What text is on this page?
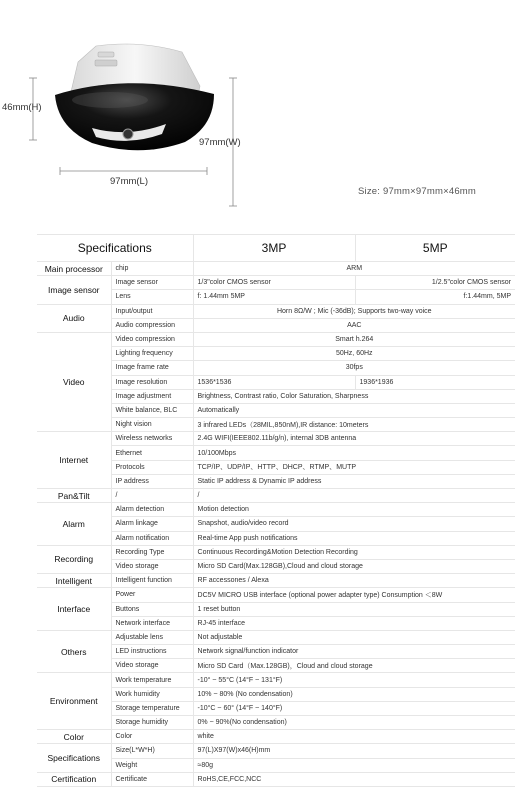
46mm(H)
97mm(W)
97mm(L)
Size: 97mm×97mm×46mm
Specifications		3MP	5MP
Main processor	chip	ARM	
Image sensor	Image sensor	1/3"color CMOS sensor	1/2.5"color CMOS sensor
	Lens	f: 1.44mm 5MP	f:1.44mm, 5MP
Audio	Input/output	Horn 8Ω/W ; Mic (-36dB); Supports two-way voice	
	Audio compression	AAC	
Video	Video compression	Smart h.264	
	Lighting frequency	50Hz, 60Hz	
	Image frame rate	30fps	
	Image resolution	1536*1536	1936*1936
	Image adjustment	Brightness, Contrast ratio, Color Saturation, Sharpness	
	White balance, BLC	Automatically	
	Night vision	3 infrared LEDs（28MIL,850nM),IR distance: 10meters	
Internet	Wireless networks	2.4G WIFI(IEEE802.11b/g/n), internal 3DB antenna	
	Ethernet	10/100Mbps	
	Protocols	TCP/IP、UDP/IP、HTTP、DHCP、RTMP、MUTP	
	IP address	Static IP address & Dynamic IP address	
Pan&Tilt	/	/	
Alarm	Alarm detection	Motion detection	
	Alarm linkage	Snapshot, audio/video record	
	Alarm notification	Real-time App push notifications	
Recording	Recording Type	Continuous Recording&Motion Detection Recording	
	Video storage	Micro SD Card(Max.128GB),Cloud and cloud storage	
Intelligent	Intelligent function	RF accessones / Alexa	
Interface	Power	DC5V MICRO USB interface (optional power adapter type) Consumption ＜8W	
	Buttons	1 reset button	
	Network interface	RJ-45 interface	
Others	Adjustable lens	Not adjustable	
	LED instructions	Network signal/function indicator	
	Video storage	Micro SD Card（Max.128GB)，Cloud and cloud storage	
Environment	Work temperature	-10° ~ 55°C (14°F ~ 131°F)	
	Work humidity	10% ~ 80% (No condensation)	
	Storage temperature	-10°C ~ 60° (14°F ~ 140°F)	
	Storage humidity	0% ~ 90%(No condensation)	
Color	Color	white	
Specifications	Size(L*W*H)	97(L)X97(W)x46(H)mm	
	Weight	≈80g	
Certification	Certificate	RoHS,CE,FCC,NCC	
